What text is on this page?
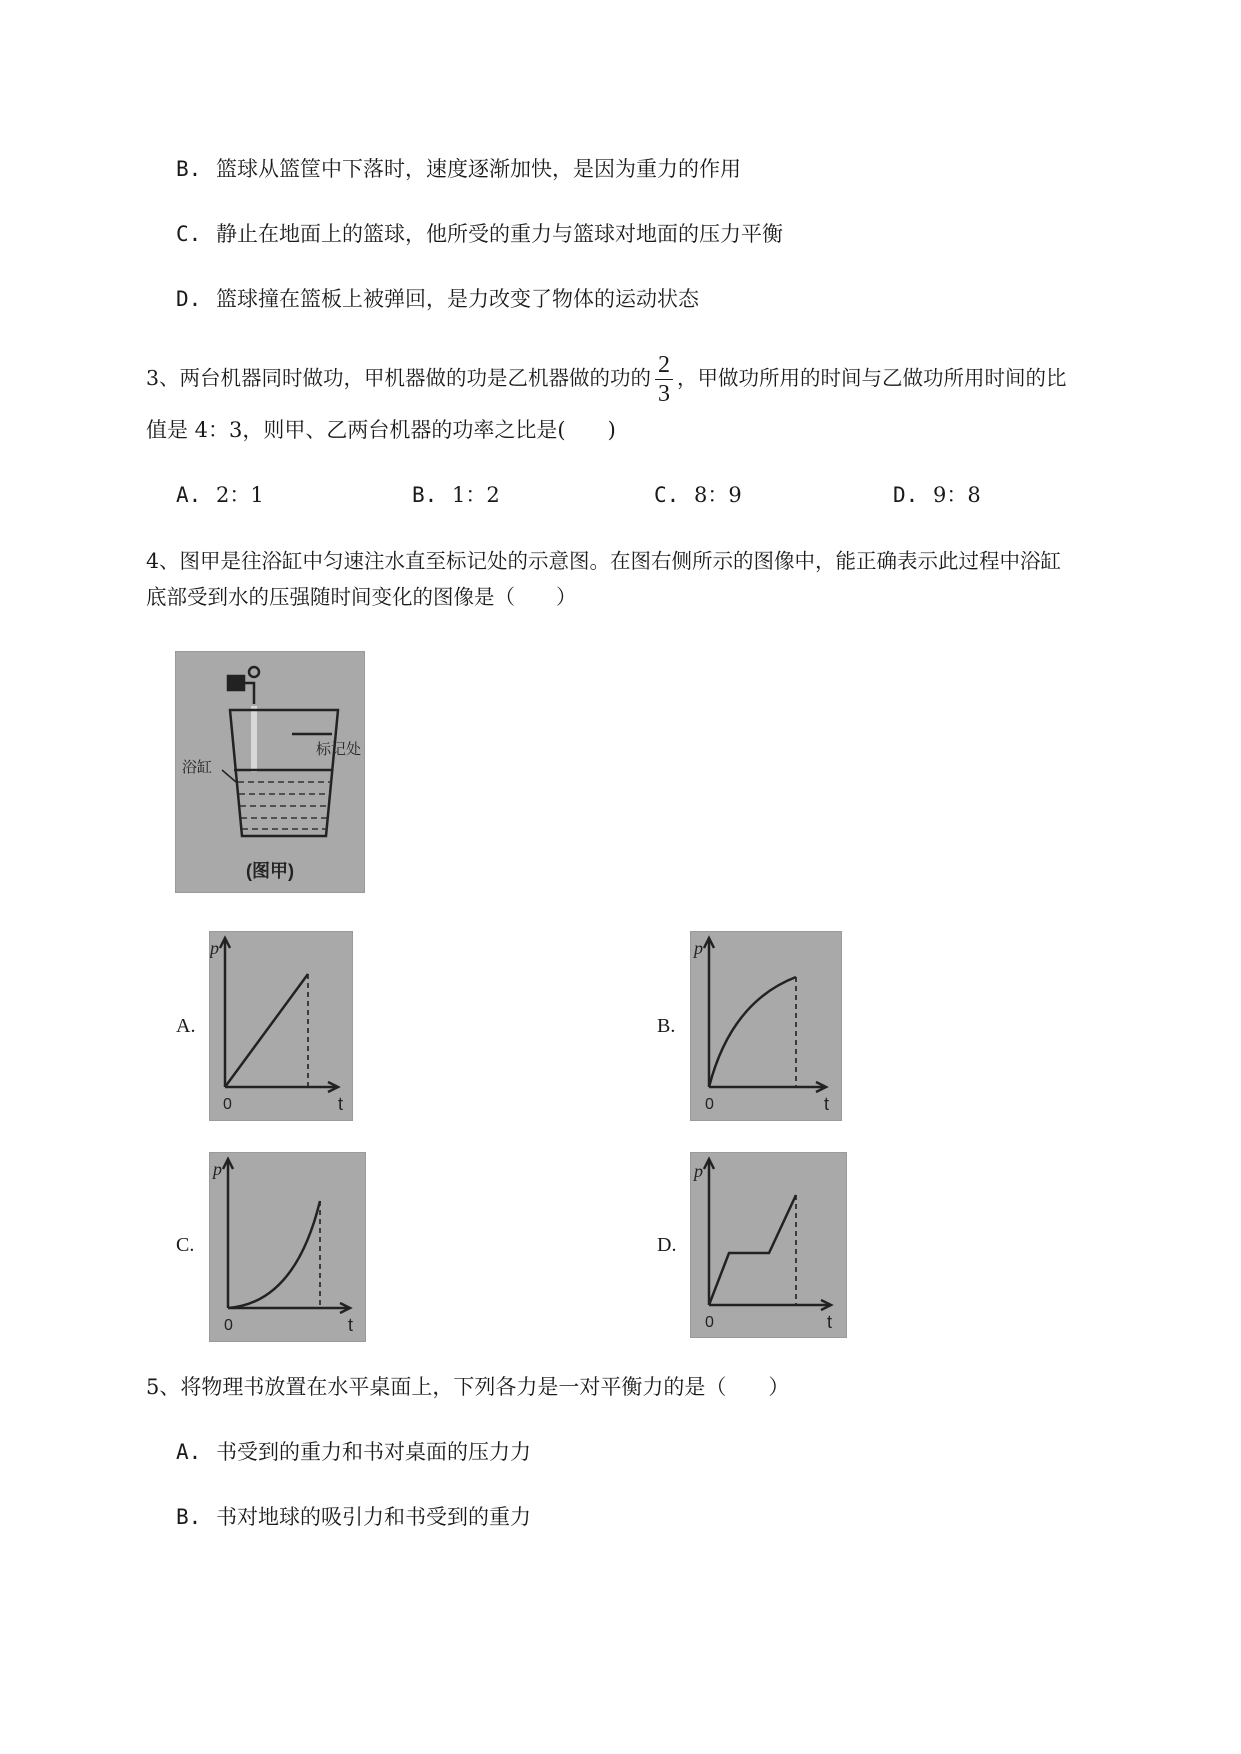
B. 篮球从篮筐中下落时，速度逐渐加快，是因为重力的作用
C. 静止在地面上的篮球，他所受的重力与篮球对地面的压力平衡
D. 篮球撞在篮板上被弹回，是力改变了物体的运动状态
3、两台机器同时做功，甲机器做的功是乙机器做的功的 $\frac{2}{3}$ ，甲做功所用的时间与乙做功所用时间的比
值是 4：3，则甲、乙两台机器的功率之比是(　　)
A. 2：1	B. 1：2	C. 8：9	D. 9：8
4、图甲是往浴缸中匀速注水直至标记处的示意图。在图右侧所示的图像中，能正确表示此过程中浴缸
底部受到水的压强随时间变化的图像是（　　）
标记处
浴缸
(图甲)
A.
p
0	t
B.
p
0	t
C.
p
0	t
D.
p
0	t
5、将物理书放置在水平桌面上，下列各力是一对平衡力的是（　　）
A. 书受到的重力和书对桌面的压力力
B. 书对地球的吸引力和书受到的重力
